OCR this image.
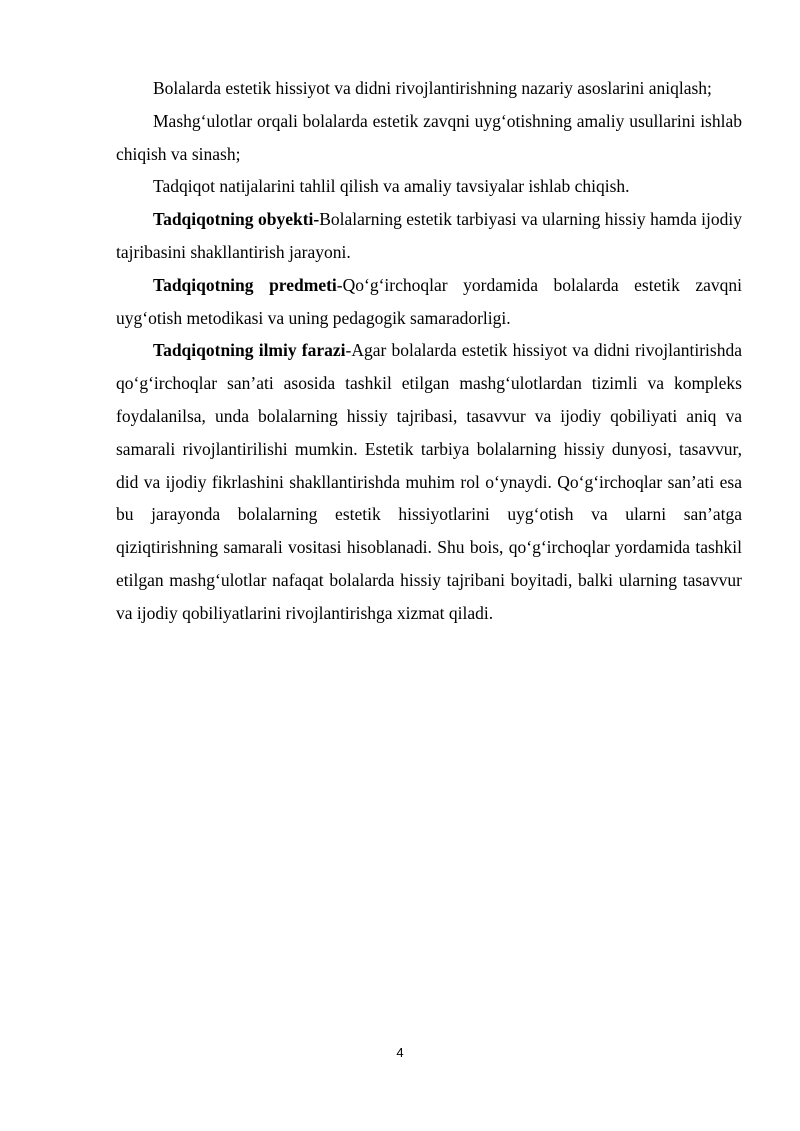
Bolalarda estetik hissiyot va didni rivojlantirishning nazariy asoslarini aniqlash;

Mashg‘ulotlar orqali bolalarda estetik zavqni uyg‘otishning amaliy usullarini ishlab chiqish va sinash;

Tadqiqot natijalarini tahlil qilish va amaliy tavsiyalar ishlab chiqish.

Tadqiqotning obyekti-Bolalarning estetik tarbiyasi va ularning hissiy hamda ijodiy tajribasini shakllantirish jarayoni.

Tadqiqotning predmeti-Qo‘g‘irchoqlar yordamida bolalarda estetik zavqni uyg‘otish metodikasi va uning pedagogik samaradorligi.

Tadqiqotning ilmiy farazi-Agar bolalarda estetik hissiyot va didni rivojlantirishda qo‘g‘irchoqlar san’ati asosida tashkil etilgan mashg‘ulotlardan tizimli va kompleks foydalanilsa, unda bolalarning hissiy tajribasi, tasavvur va ijodiy qobiliyati aniq va samarali rivojlantirilishi mumkin. Estetik tarbiya bolalarning hissiy dunyosi, tasavvur, did va ijodiy fikrlashini shakllantirishda muhim rol o‘ynaydi. Qo‘g‘irchoqlar san’ati esa bu jarayonda bolalarning estetik hissiyotlarini uyg‘otish va ularni san’atga qiziqtirishning samarali vositasi hisoblanadi. Shu bois, qo‘g‘irchoqlar yordamida tashkil etilgan mashg‘ulotlar nafaqat bolalarda hissiy tajribani boyitadi, balki ularning tasavvur va ijodiy qobiliyatlarini rivojlantirishga xizmat qiladi.

4
